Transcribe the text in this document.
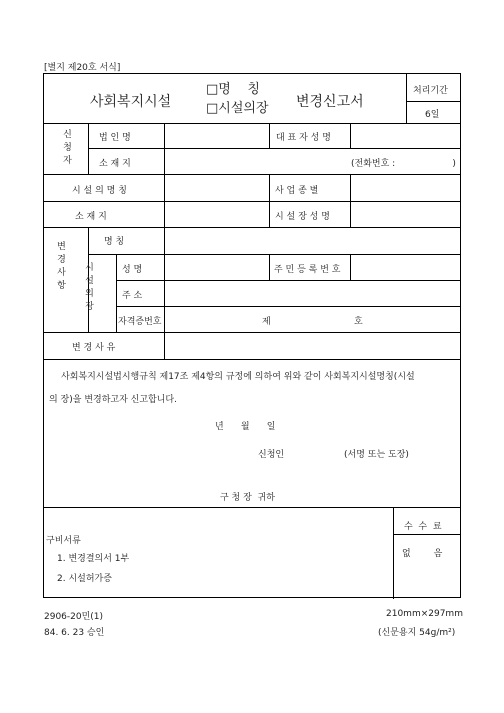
[별지 제20호 서식]
사회복지시설
□명    칭
□시설의장 변경신고서
처리기간
6일
신청자	법 인 명	대 표 자 성 명
소 재 지	(전화번호 :                    )
시 설 의 명 칭	사 업 종 별
소 재 지	시 설 장 성 명
변경사항	명 칭
시설의장	성 명	주 민 등 록 번 호
주 소
자격증번호	제	호
변 경 사 유
사회복지시설법시행규칙 제17조 제4항의 규정에 의하여 위와 같이 사회복지시설명칭(시설
의 장)을 변경하고자 신고합니다.
년      월      일
신청인	(서명 또는 도장)
구 청 장  귀하
구비서류
1. 변경결의서 1부
2. 시설허가증
수  수  료
없        음
2906-20민(1)
84. 6. 23 승인
210mm×297mm
(신문용지 54g/m²)
